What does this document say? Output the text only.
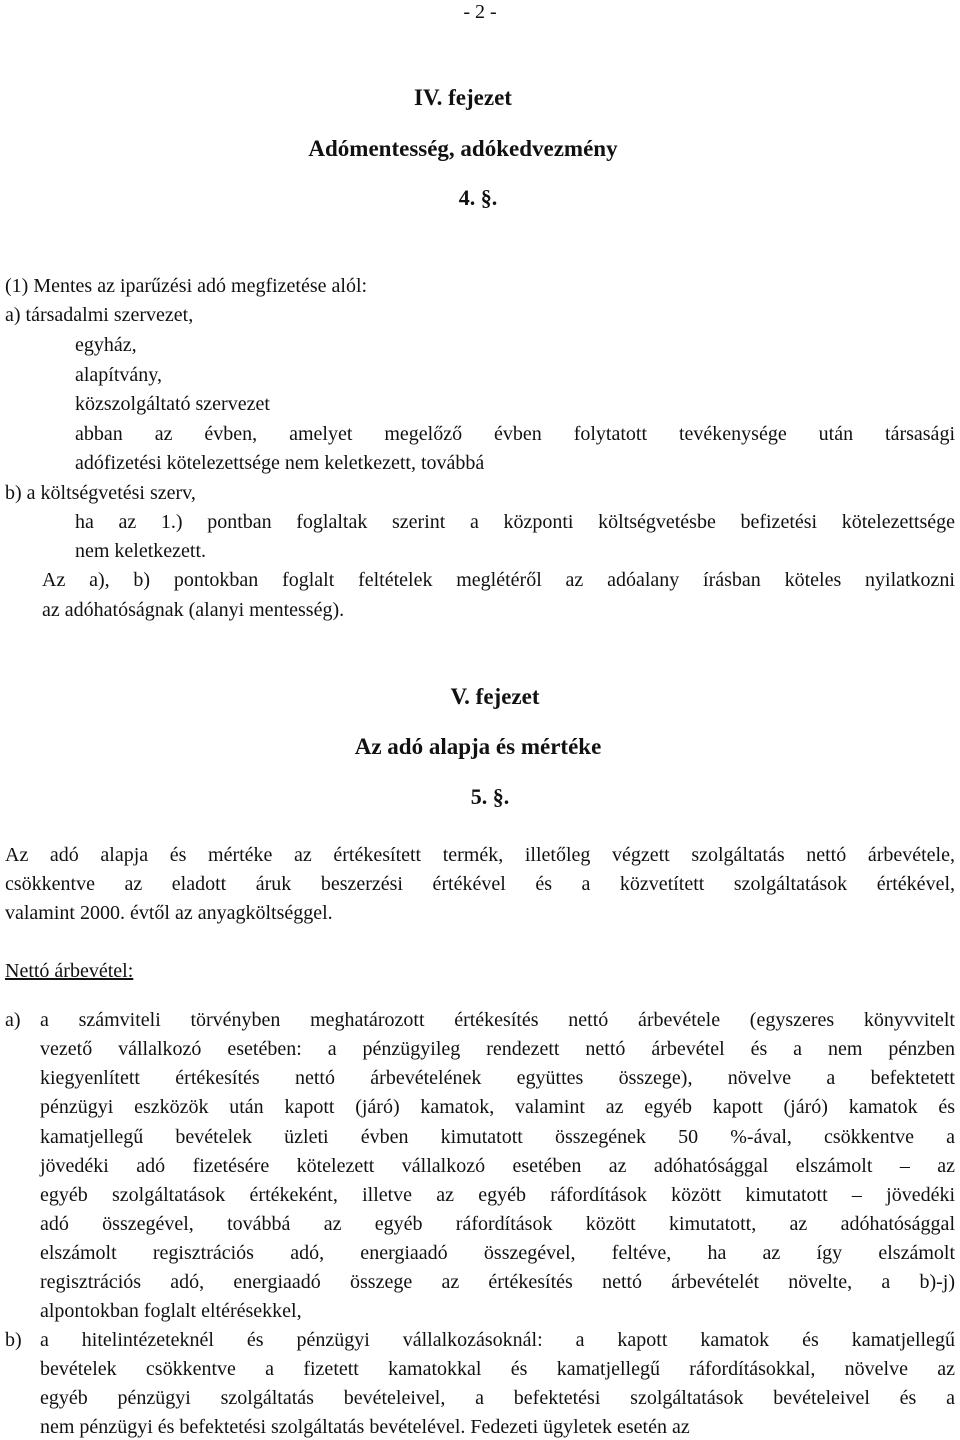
- 2 -
IV. fejezet
Adómentesség, adókedvezmény
4. §.
(1) Mentes az iparűzési adó megfizetése alól:
a) társadalmi szervezet,
egyház,
alapítvány,
közszolgáltató szervezet
abban az évben, amelyet megelőző évben folytatott tevékenysége után társasági
adófizetési kötelezettsége nem keletkezett, továbbá
b) a költségvetési szerv,
ha az 1.) pontban foglaltak szerint a központi költségvetésbe befizetési kötelezettsége
nem keletkezett.
Az a), b) pontokban foglalt feltételek meglétéről az adóalany írásban köteles nyilatkozni
az adóhatóságnak (alanyi mentesség).
V. fejezet
Az adó alapja és mértéke
5. §.
Az adó alapja és mértéke az értékesített termék, illetőleg végzett szolgáltatás nettó árbevétele,
csökkentve az eladott áruk beszerzési értékével és a közvetített szolgáltatások értékével,
valamint 2000. évtől az anyagköltséggel.
Nettó árbevétel:
a) a számviteli törvényben meghatározott értékesítés nettó árbevétele (egyszeres könyvvitelt
vezető vállalkozó esetében: a pénzügyileg rendezett nettó árbevétel és a nem pénzben
kiegyenlített értékesítés nettó árbevételének együttes összege), növelve a befektetett
pénzügyi eszközök után kapott (járó) kamatok, valamint az egyéb kapott (járó) kamatok és
kamatjellegű bevételek üzleti évben kimutatott összegének 50 %-ával, csökkentve a
jövedéki adó fizetésére kötelezett vállalkozó esetében az adóhatósággal elszámolt – az
egyéb szolgáltatások értékeként, illetve az egyéb ráfordítások között kimutatott – jövedéki
adó összegével, továbbá az egyéb ráfordítások között kimutatott, az adóhatósággal
elszámolt regisztrációs adó, energiaadó összegével, feltéve, ha az így elszámolt
regisztrációs adó, energiaadó összege az értékesítés nettó árbevételét növelte, a b)-j)
alpontokban foglalt eltérésekkel,
b) a hitelintézeteknél és pénzügyi vállalkozásoknál: a kapott kamatok és kamatjellegű
bevételek csökkentve a fizetett kamatokkal és kamatjellegű ráfordításokkal, növelve az
egyéb pénzügyi szolgáltatás bevételeivel, a befektetési szolgáltatások bevételeivel és a
nem pénzügyi és befektetési szolgáltatás bevételével. Fedezeti ügyletek esetén az
